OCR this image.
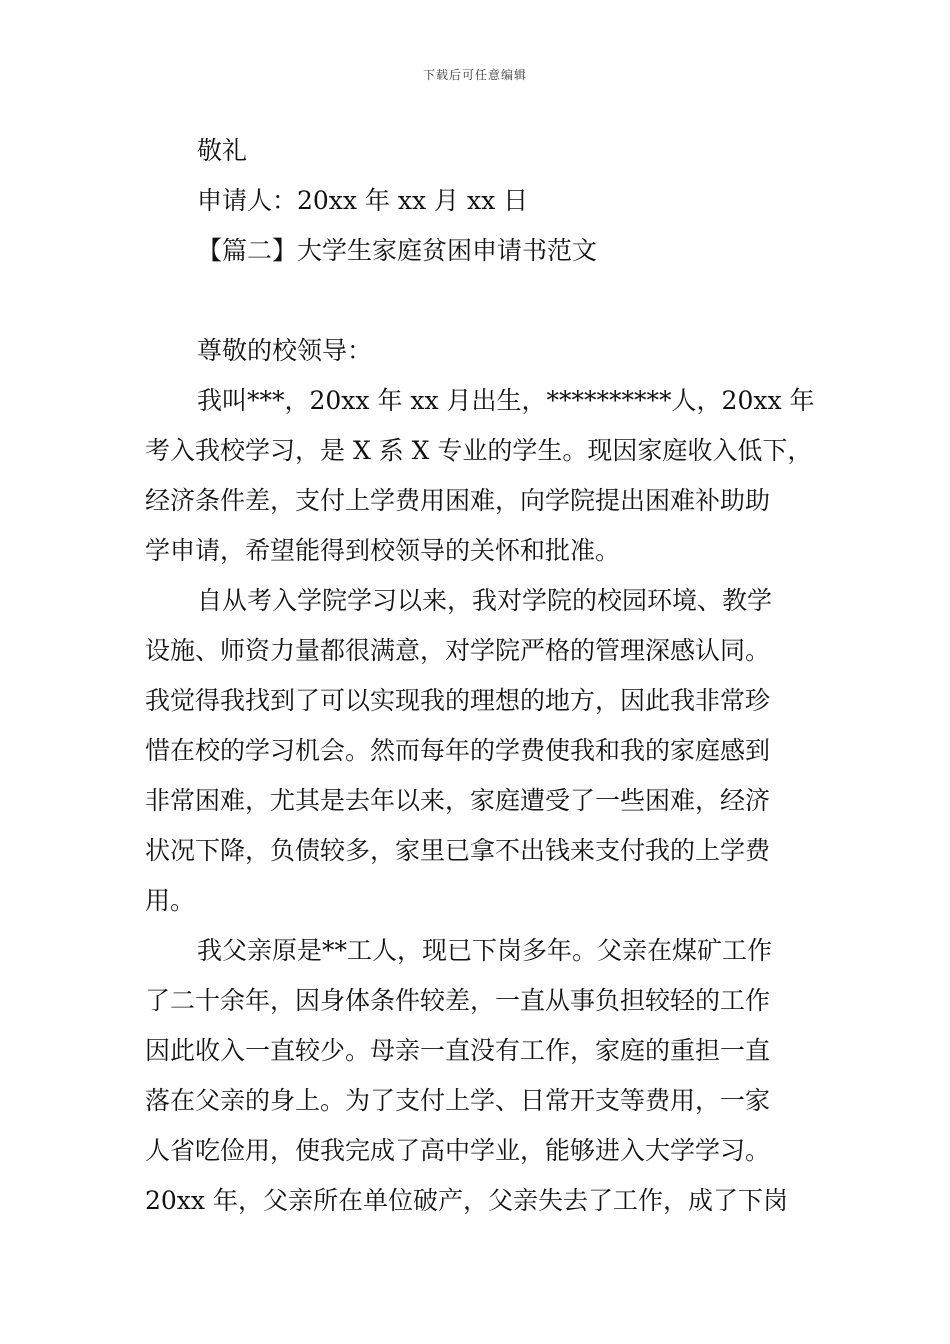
下载后可任意编辑
敬礼
申请人：20xx 年 xx 月 xx 日
【篇二】大学生家庭贫困申请书范文
尊敬的校领导：
我叫***，20xx 年 xx 月出生，**********人，20xx 年
考入我校学习，是 X 系 X 专业的学生。现因家庭收入低下，
经济条件差，支付上学费用困难，向学院提出困难补助助
学申请，希望能得到校领导的关怀和批准。
自从考入学院学习以来，我对学院的校园环境、教学
设施、师资力量都很满意，对学院严格的管理深感认同。
我觉得我找到了可以实现我的理想的地方，因此我非常珍
惜在校的学习机会。然而每年的学费使我和我的家庭感到
非常困难，尤其是去年以来，家庭遭受了一些困难，经济
状况下降，负债较多，家里已拿不出钱来支付我的上学费
用。
我父亲原是**工人，现已下岗多年。父亲在煤矿工作
了二十余年，因身体条件较差，一直从事负担较轻的工作
因此收入一直较少。母亲一直没有工作，家庭的重担一直
落在父亲的身上。为了支付上学、日常开支等费用，一家
人省吃俭用，使我完成了高中学业，能够进入大学学习。
20xx 年，父亲所在单位破产，父亲失去了工作，成了下岗
